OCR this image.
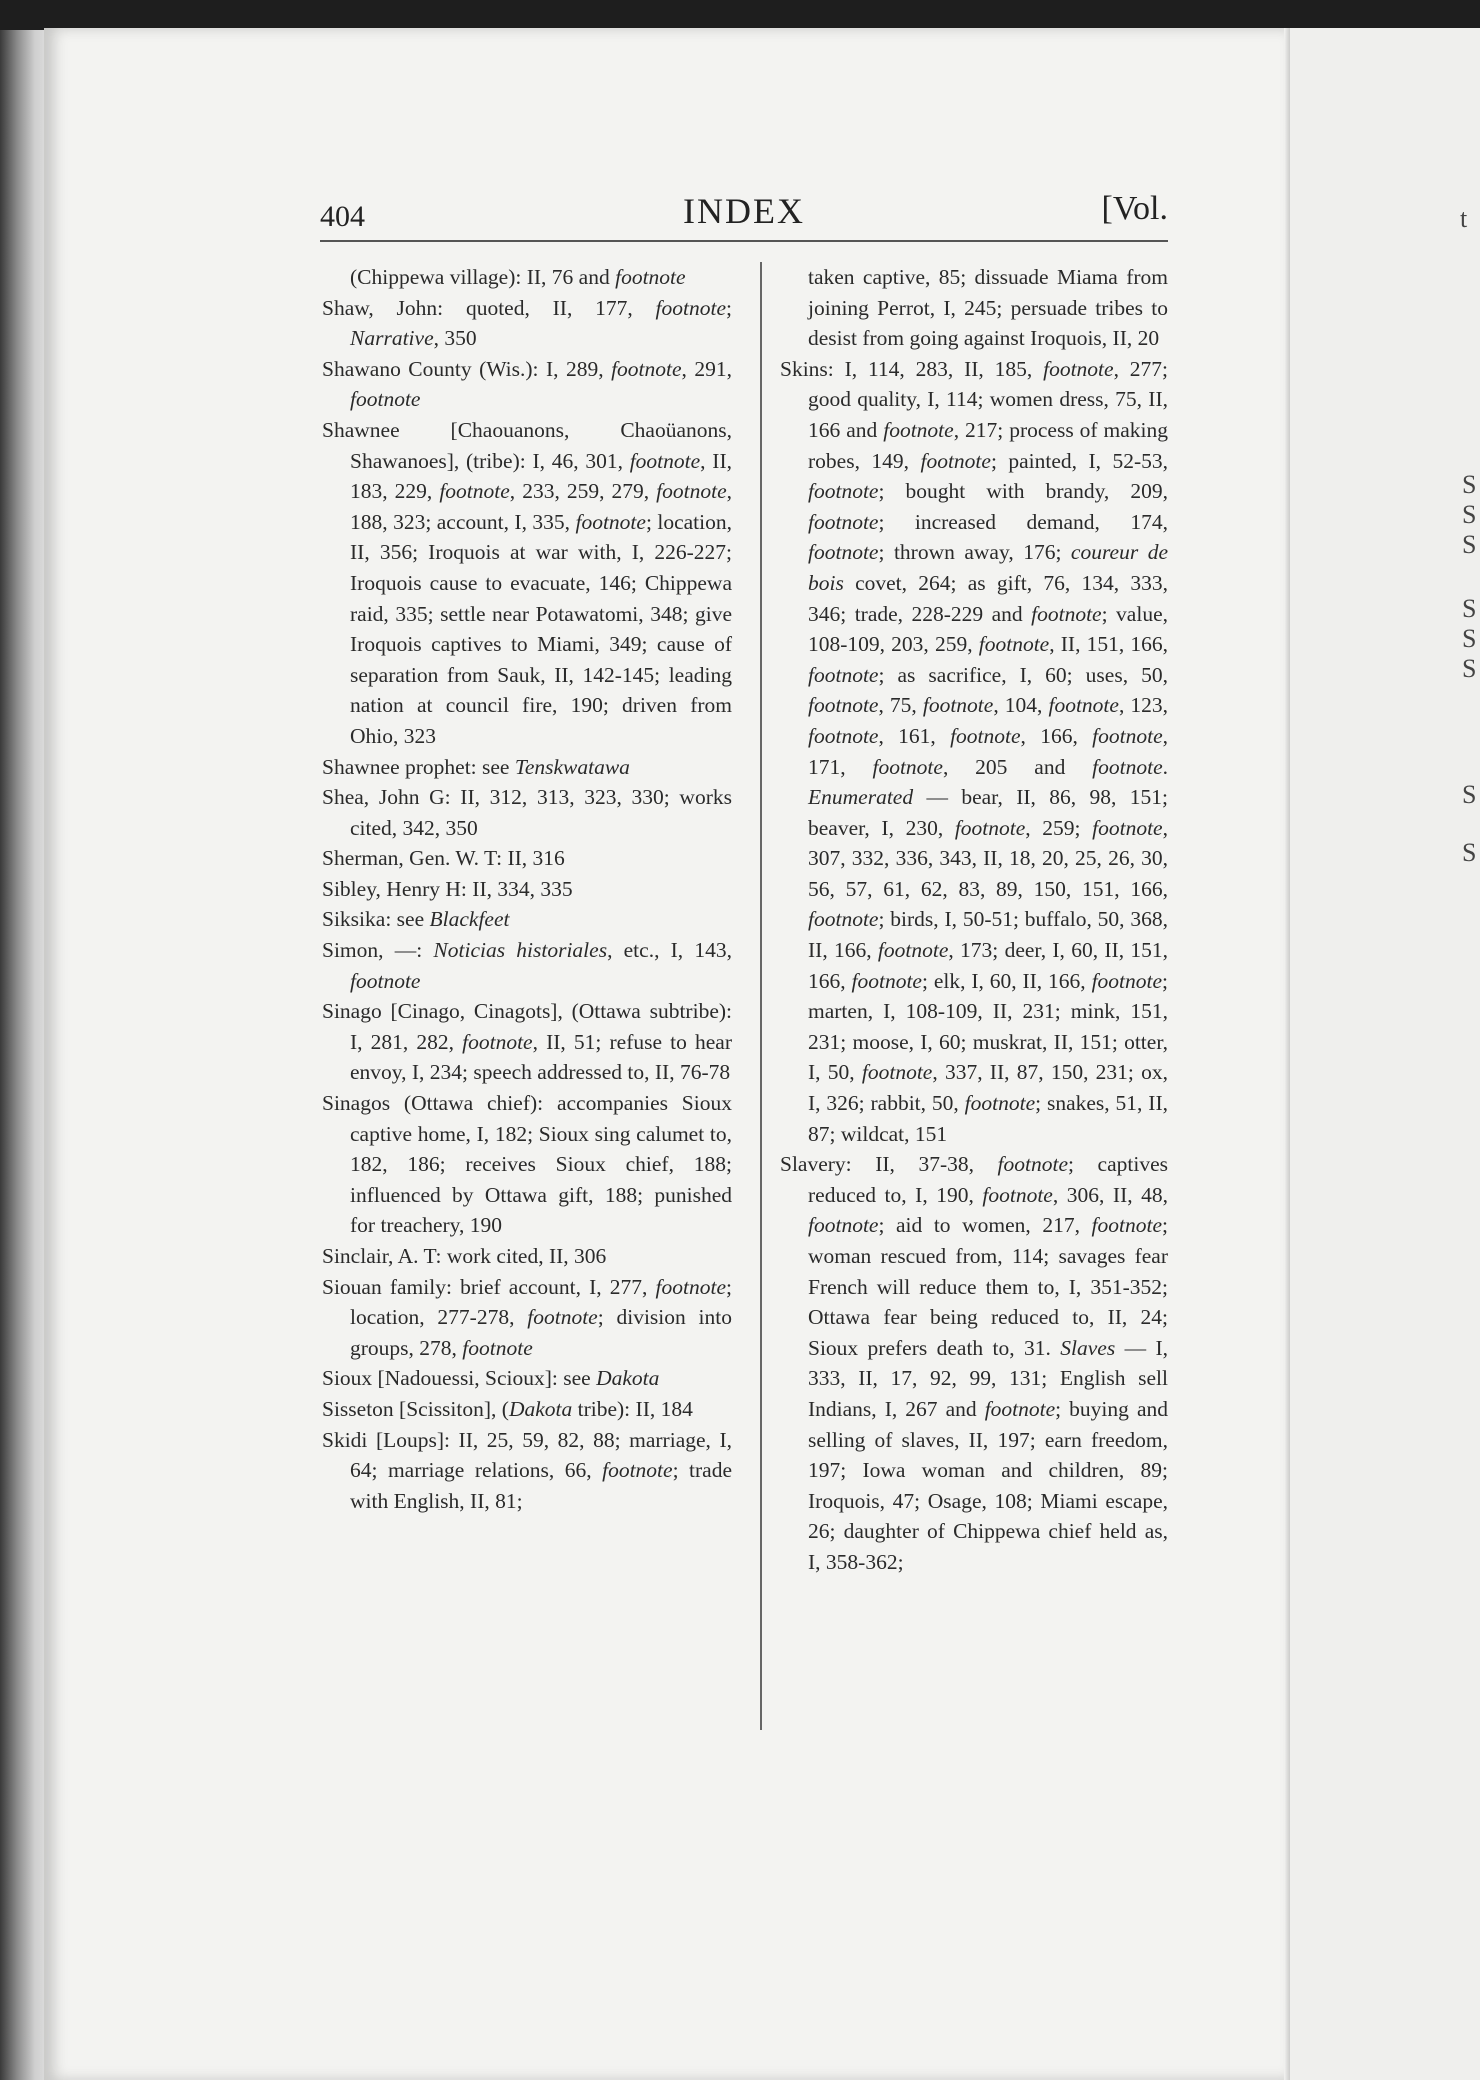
t
S
S
S
S
S
S
S
S
404	INDEX	[Vol.

(Chippewa village): II, 76 and footnote

Shaw, John: quoted, II, 177, footnote; Narrative, 350

Shawano County (Wis.): I, 289, footnote, 291, footnote

Shawnee [Chaouanons, Chaoüanons, Shawanoes], (tribe): I, 46, 301, footnote, II, 183, 229, footnote, 233, 259, 279, footnote, 188, 323; account, I, 335, footnote; location, II, 356; Iroquois at war with, I, 226-227; Iroquois cause to evacuate, 146; Chippewa raid, 335; settle near Potawatomi, 348; give Iroquois captives to Miami, 349; cause of separation from Sauk, II, 142-145; leading nation at council fire, 190; driven from Ohio, 323

Shawnee prophet: see Tenskwatawa

Shea, John G: II, 312, 313, 323, 330; works cited, 342, 350

Sherman, Gen. W. T: II, 316

Sibley, Henry H: II, 334, 335

Siksika: see Blackfeet

Simon, —: Noticias historiales, etc., I, 143, footnote

Sinago [Cinago, Cinagots], (Ottawa subtribe): I, 281, 282, footnote, II, 51; refuse to hear envoy, I, 234; speech addressed to, II, 76-78

Sinagos (Ottawa chief): accompanies Sioux captive home, I, 182; Sioux sing calumet to, 182, 186; receives Sioux chief, 188; influenced by Ottawa gift, 188; punished for treachery, 190

Sinclair, A. T: work cited, II, 306

Siouan family: brief account, I, 277, footnote; location, 277-278, footnote; division into groups, 278, footnote

Sioux [Nadouessi, Scioux]: see Dakota

Sisseton [Scissiton], (Dakota tribe): II, 184

Skidi [Loups]: II, 25, 59, 82, 88; marriage, I, 64; marriage relations, 66, footnote; trade with English, II, 81;

taken captive, 85; dissuade Miama from joining Perrot, I, 245; persuade tribes to desist from going against Iroquois, II, 20

Skins: I, 114, 283, II, 185, footnote, 277; good quality, I, 114; women dress, 75, II, 166 and footnote, 217; process of making robes, 149, footnote; painted, I, 52-53, footnote; bought with brandy, 209, footnote; increased demand, 174, footnote; thrown away, 176; coureur de bois covet, 264; as gift, 76, 134, 333, 346; trade, 228-229 and footnote; value, 108-109, 203, 259, footnote, II, 151, 166, footnote; as sacrifice, I, 60; uses, 50, footnote, 75, footnote, 104, footnote, 123, footnote, 161, footnote, 166, footnote, 171, footnote, 205 and footnote. Enumerated — bear, II, 86, 98, 151; beaver, I, 230, footnote, 259; footnote, 307, 332, 336, 343, II, 18, 20, 25, 26, 30, 56, 57, 61, 62, 83, 89, 150, 151, 166, footnote; birds, I, 50-51; buffalo, 50, 368, II, 166, footnote, 173; deer, I, 60, II, 151, 166, footnote; elk, I, 60, II, 166, footnote; marten, I, 108-109, II, 231; mink, 151, 231; moose, I, 60; muskrat, II, 151; otter, I, 50, footnote, 337, II, 87, 150, 231; ox, I, 326; rabbit, 50, footnote; snakes, 51, II, 87; wildcat, 151

Slavery: II, 37-38, footnote; captives reduced to, I, 190, footnote, 306, II, 48, footnote; aid to women, 217, footnote; woman rescued from, 114; savages fear French will reduce them to, I, 351-352; Ottawa fear being reduced to, II, 24; Sioux prefers death to, 31. Slaves — I, 333, II, 17, 92, 99, 131; English sell Indians, I, 267 and footnote; buying and selling of slaves, II, 197; earn freedom, 197; Iowa woman and children, 89; Iroquois, 47; Osage, 108; Miami escape, 26; daughter of Chippewa chief held as, I, 358-362;
